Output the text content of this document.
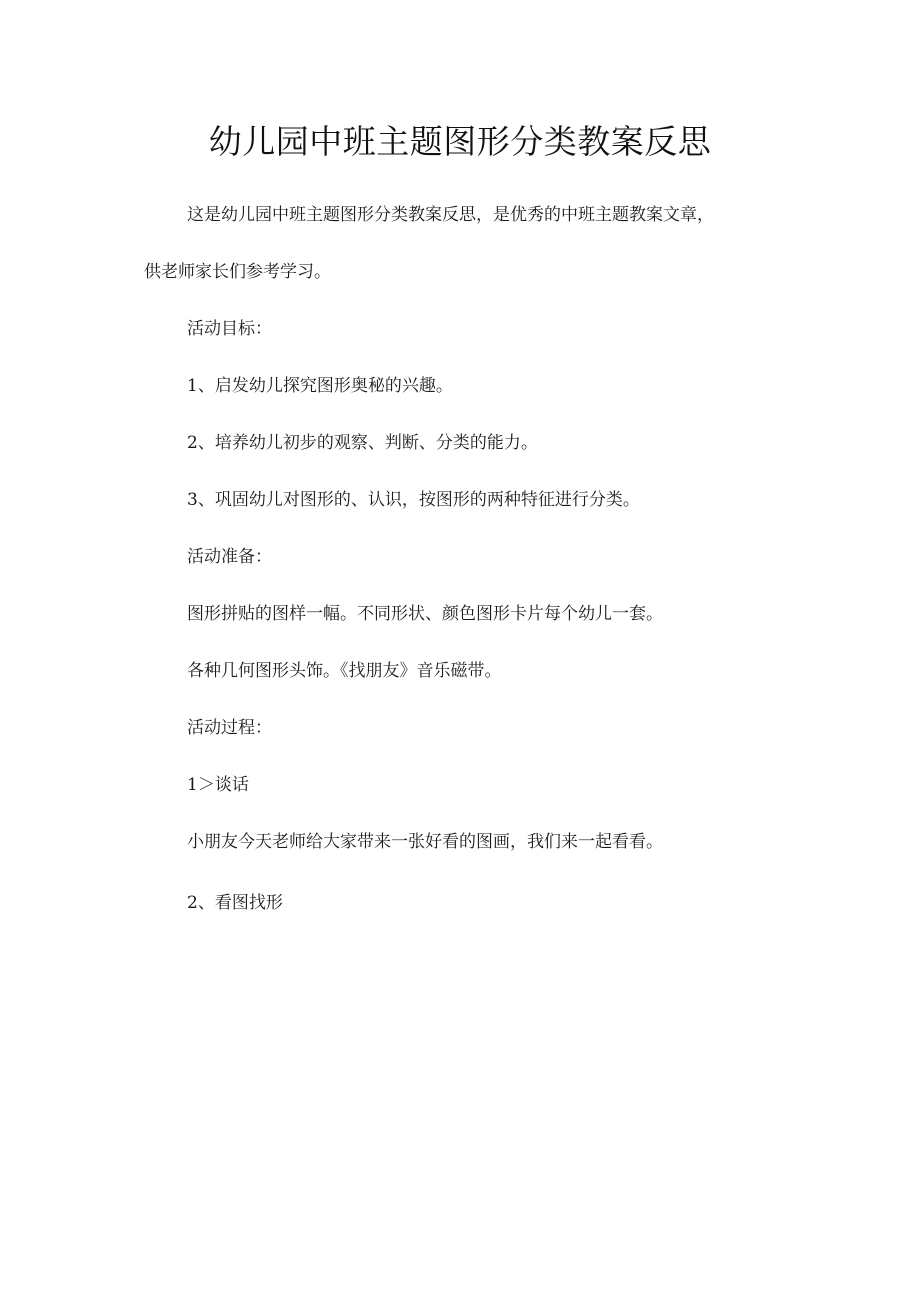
幼儿园中班主题图形分类教案反思

这是幼儿园中班主题图形分类教案反思，是优秀的中班主题教案文章，

供老师家长们参考学习。

活动目标：

1、启发幼儿探究图形奥秘的兴趣。

2、培养幼儿初步的观察、判断、分类的能力。

3、巩固幼儿对图形的、认识，按图形的两种特征进行分类。

活动准备：

图形拼贴的图样一幅。不同形状、颜色图形卡片每个幼儿一套。

各种几何图形头饰。《找朋友》音乐磁带。

活动过程：

1＞谈话

小朋友今天老师给大家带来一张好看的图画，我们来一起看看。

2、看图找形
